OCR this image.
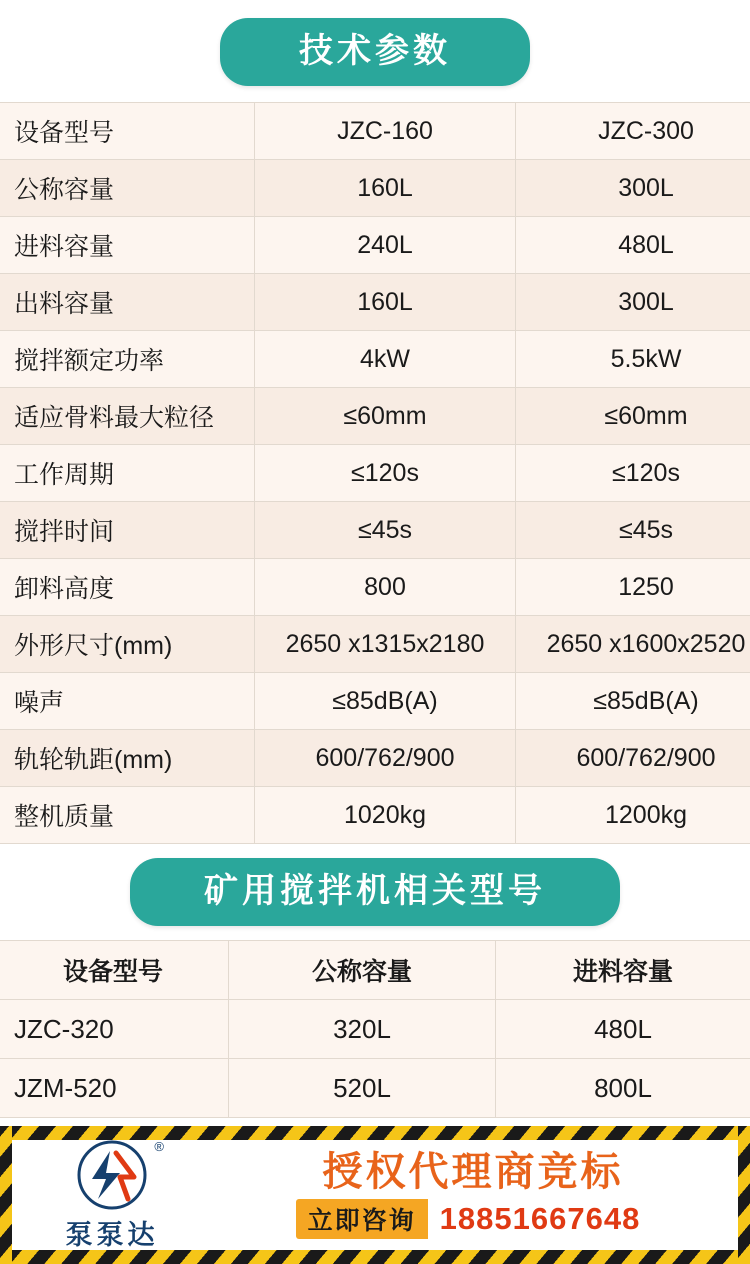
技术参数
设备型号	JZC-160	JZC-300
公称容量	160L	300L
进料容量	240L	480L
出料容量	160L	300L
搅拌额定功率	4kW	5.5kW
适应骨料最大粒径	≤60mm	≤60mm
工作周期	≤120s	≤120s
搅拌时间	≤45s	≤45s
卸料高度	800	1250
外形尺寸(mm)	2650 x1315x2180	2650 x1600x2520
噪声	≤85dB(A)	≤85dB(A)
轨轮轨距(mm)	600/762/900	600/762/900
整机质量	1020kg	1200kg
矿用搅拌机相关型号
设备型号	公称容量	进料容量
JZC-320	320L	480L
JZM-520	520L	800L
®
泵泵达
授权代理商竞标
立即咨询 18851667648
